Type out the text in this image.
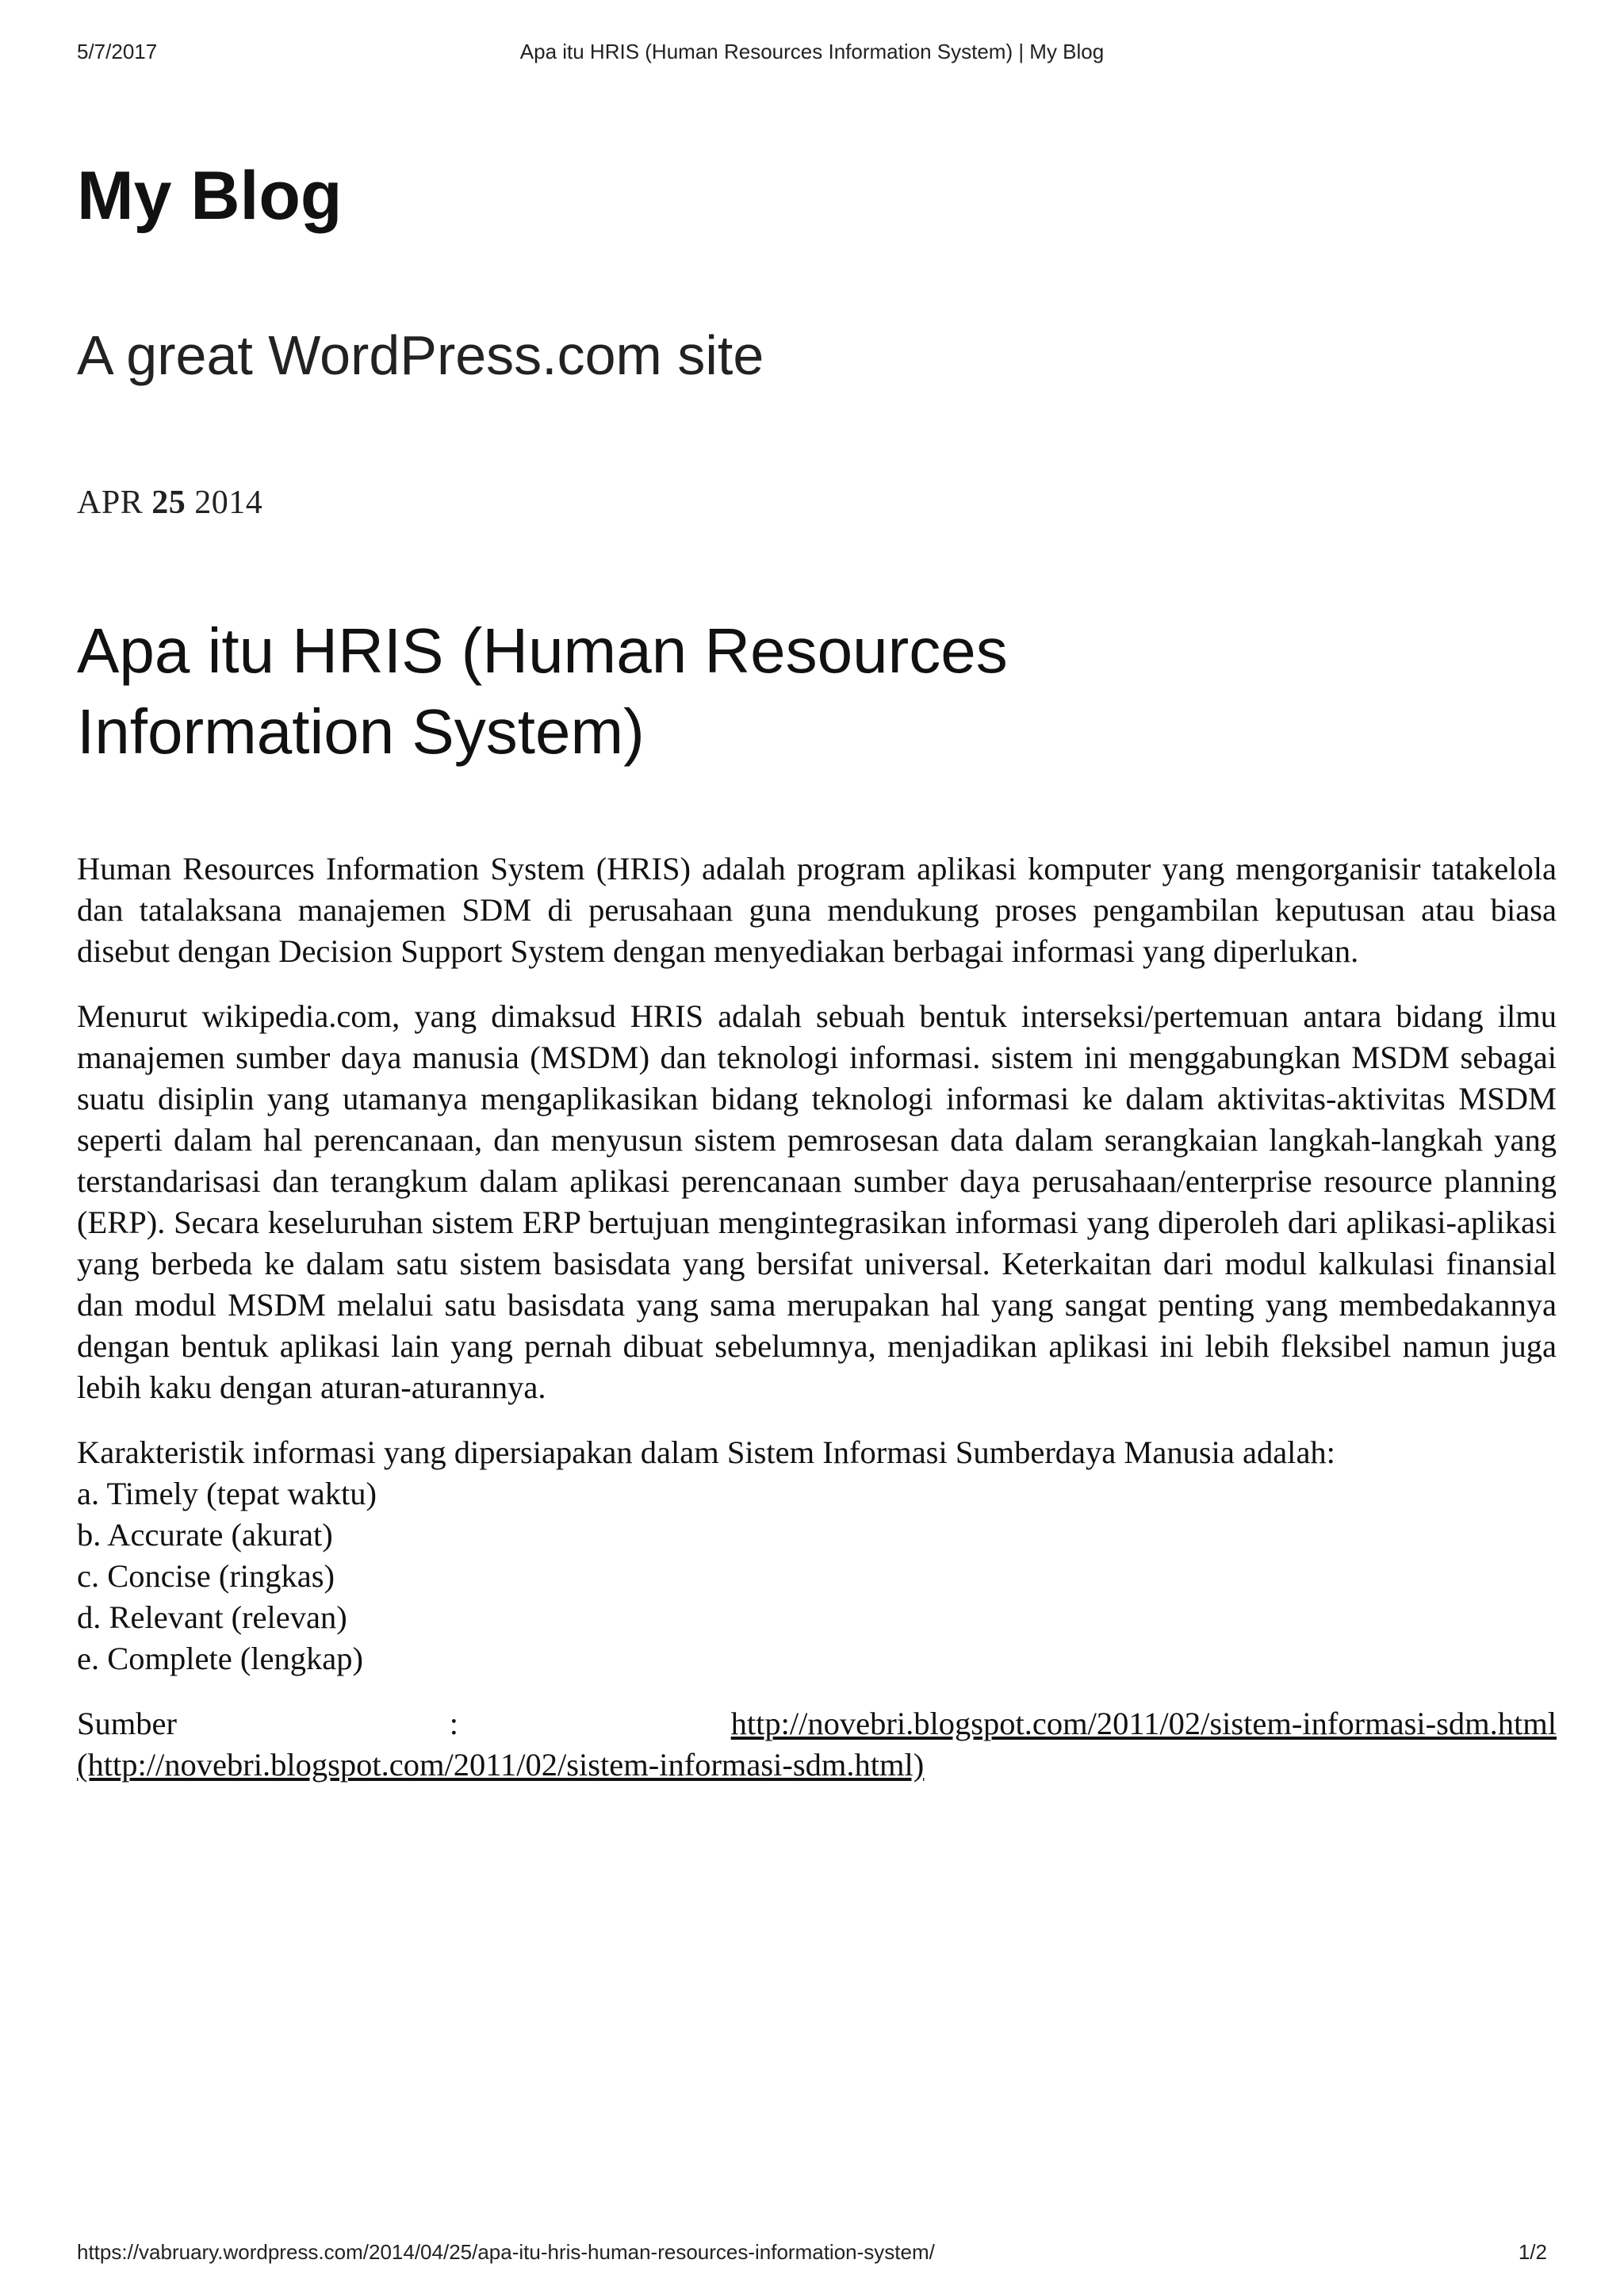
5/7/2017	Apa itu HRIS (Human Resources Information System) | My Blog
My Blog
A great WordPress.com site
APR 25 2014
Apa itu HRIS (Human Resources Information System)

Human Resources Information System (HRIS) adalah program aplikasi komputer yang mengorganisir tatakelola dan tatalaksana manajemen SDM di perusahaan guna mendukung proses pengambilan keputusan atau biasa disebut dengan Decision Support System dengan menyediakan berbagai informasi yang diperlukan.

Menurut wikipedia.com, yang dimaksud HRIS adalah sebuah bentuk interseksi/pertemuan antara bidang ilmu manajemen sumber daya manusia (MSDM) dan teknologi informasi. sistem ini menggabungkan MSDM sebagai suatu disiplin yang utamanya mengaplikasikan bidang teknologi informasi ke dalam aktivitas-aktivitas MSDM seperti dalam hal perencanaan, dan menyusun sistem pemrosesan data dalam serangkaian langkah-langkah yang terstandarisasi dan terangkum dalam aplikasi perencanaan sumber daya perusahaan/enterprise resource planning (ERP). Secara keseluruhan sistem ERP bertujuan mengintegrasikan informasi yang diperoleh dari aplikasi-aplikasi yang berbeda ke dalam satu sistem basisdata yang bersifat universal. Keterkaitan dari modul kalkulasi finansial dan modul MSDM melalui satu basisdata yang sama merupakan hal yang sangat penting yang membedakannya dengan bentuk aplikasi lain yang pernah dibuat sebelumnya, menjadikan aplikasi ini lebih fleksibel namun juga lebih kaku dengan aturan-aturannya.

Karakteristik informasi yang dipersiapakan dalam Sistem Informasi Sumberdaya Manusia adalah:
a. Timely (tepat waktu)
b. Accurate (akurat)
c. Concise (ringkas)
d. Relevant (relevan)
e. Complete (lengkap)

Sumber	:	http://novebri.blogspot.com/2011/02/sistem-informasi-sdm.html (http://novebri.blogspot.com/2011/02/sistem-informasi-sdm.html)

https://vabruary.wordpress.com/2014/04/25/apa-itu-hris-human-resources-information-system/	1/2
